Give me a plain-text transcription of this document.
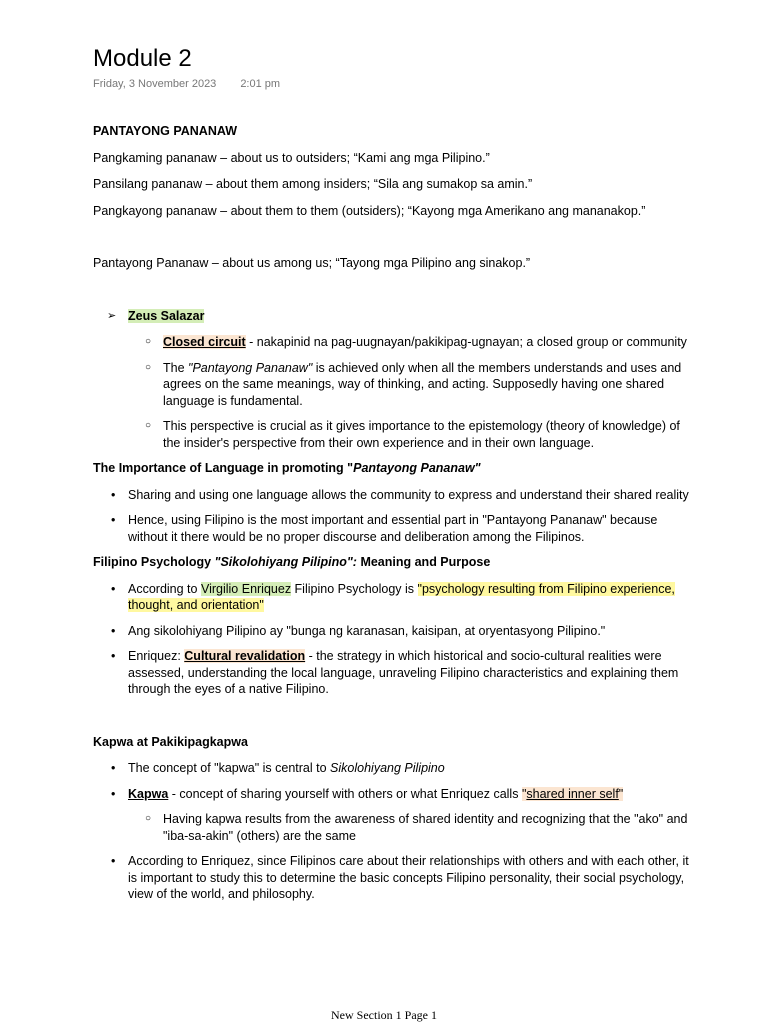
Module 2
Friday, 3 November 2023 2:01 pm

PANTAYONG PANANAW

Pangkaming pananaw – about us to outsiders; “Kami ang mga Pilipino.”

Pansilang pananaw – about them among insiders; “Sila ang sumakop sa amin.”

Pangkayong pananaw – about them to them (outsiders); “Kayong mga Amerikano ang mananakop.”

Pantayong Pananaw – about us among us; “Tayong mga Pilipino ang sinakop.”

➢ Zeus Salazar
○ Closed circuit - nakapinid na pag-uugnayan/pakikipag-ugnayan; a closed group or community
○ The "Pantayong Pananaw" is achieved only when all the members understands and uses and agrees on the same meanings, way of thinking, and acting. Supposedly having one shared language is fundamental.
○ This perspective is crucial as it gives importance to the epistemology (theory of knowledge) of the insider's perspective from their own experience and in their own language.

The Importance of Language in promoting "Pantayong Pananaw"

• Sharing and using one language allows the community to express and understand their shared reality
• Hence, using Filipino is the most important and essential part in "Pantayong Pananaw" because without it there would be no proper discourse and deliberation among the Filipinos.

Filipino Psychology "Sikolohiyang Pilipino": Meaning and Purpose

• According to Virgilio Enriquez Filipino Psychology is "psychology resulting from Filipino experience, thought, and orientation"
• Ang sikolohiyang Pilipino ay "bunga ng karanasan, kaisipan, at oryentasyong Pilipino."
• Enriquez: Cultural revalidation - the strategy in which historical and socio-cultural realities were assessed, understanding the local language, unraveling Filipino characteristics and explaining them through the eyes of a native Filipino.

Kapwa at Pakikipagkapwa

• The concept of "kapwa" is central to Sikolohiyang Pilipino
• Kapwa - concept of sharing yourself with others or what Enriquez calls "shared inner self"
○ Having kapwa results from the awareness of shared identity and recognizing that the "ako" and "iba-sa-akin" (others) are the same
• According to Enriquez, since Filipinos care about their relationships with others and with each other, it is important to study this to determine the basic concepts Filipino personality, their social psychology, view of the world, and philosophy.
New Section 1 Page 1
